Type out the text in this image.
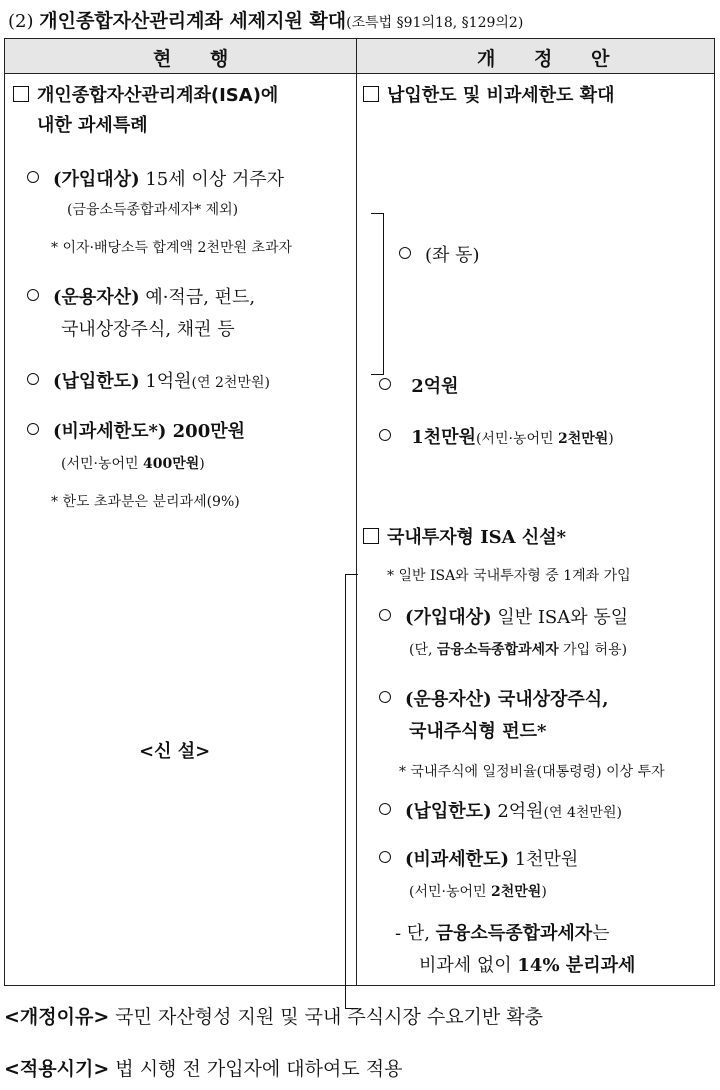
(2) 개인종합자산관리계좌 세제지원 확대(조특법 §91의18, §129의2)
현 행	개 정 안
개인종합자산관리계좌(ISA)에
내한 과세특례
(가입대상) 15세 이상 거주자
(금융소득종합과세자* 제외)
* 이자·배당소득 합계액 2천만원 초과자
(운용자산) 예·적금, 펀드,
국내상장주식, 채권 등
(납입한도) 1억원(연 2천만원)
(비과세한도*) 200만원
(서민·농어민 400만원)
* 한도 초과분은 분리과세(9%)
<신 설>
납입한도 및 비과세한도 확대
(좌 동)
2억원
1천만원(서민·농어민 2천만원)
국내투자형 ISA 신설*
* 일반 ISA와 국내투자형 중 1계좌 가입
(가입대상) 일반 ISA와 동일
(단, 금융소득종합과세자 가입 허용)
(운용자산) 국내상장주식,
국내주식형 펀드*
* 국내주식에 일정비율(대통령령) 이상 투자
(납입한도) 2억원(연 4천만원)
(비과세한도) 1천만원
(서민·농어민 2천만원)
- 단, 금융소득종합과세자는
비과세 없이 14% 분리과세
<개정이유> 국민 자산형성 지원 및 국내 주식시장 수요기반 확충
<적용시기> 법 시행 전 가입자에 대하여도 적용
